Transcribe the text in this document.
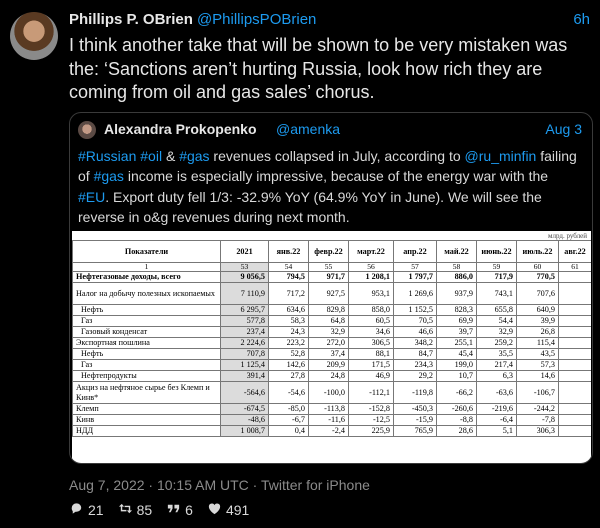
Phillips P. OBrien @PhillipsPOBrien	6h
I think another take that will be shown to be very mistaken was the: ‘Sanctions aren’t hurting Russia, look how rich they are coming from oil and gas sales’ chorus.
Alexandra Prokopenko @amenka	Aug 3
#Russian #oil & #gas revenues collapsed in July, according to @ru_minfin failing of #gas income is especially impressive, because of the energy war with the #EU. Export duty fell 1/3: -32.9% YoY (64.9% YoY in June). We will see the reverse in o&g revenues during next month.
млрд. рублей
Показатели	2021	янв.22	февр.22	март.22	апр.22	май.22	июнь.22	июль.22	авг.22
1	53	54	55	56	57	58	59	60	61
Нефтегазовые доходы, всего	9 056,5	794,5	971,7	1 208,1	1 797,7	886,0	717,9	770,5	
Налог на добычу полезных ископаемых	7 110,9	717,2	927,5	953,1	1 269,6	937,9	743,1	707,6	
Нефть	6 295,7	634,6	829,8	858,0	1 152,5	828,3	655,8	640,9	
Газ	577,8	58,3	64,8	60,5	70,5	69,9	54,4	39,9	
Газовый конденсат	237,4	24,3	32,9	34,6	46,6	39,7	32,9	26,8	
Экспортная пошлина	2 224,6	223,2	272,0	306,5	348,2	255,1	259,2	115,4	
Нефть	707,8	52,8	37,4	88,1	84,7	45,4	35,5	43,5	
Газ	1 125,4	142,6	209,9	171,5	234,3	199,0	217,4	57,3	
Нефтепродукты	391,4	27,8	24,8	46,9	29,2	10,7	6,3	14,6	
Акциз на нефтяное сырье без Клемп и Кинв*	-564,6	-54,6	-100,0	-112,1	-119,8	-66,2	-63,6	-106,7	
Клемп	-674,5	-85,0	-113,8	-152,8	-450,3	-260,6	-219,6	-244,2	
Кинв	-48,6	-6,7	-11,6	-12,5	-15,9	-8,8	-6,4	-7,8	
НДД	1 008,7	0,4	-2,4	225,9	765,9	28,6	5,1	306,3	
Aug 7, 2022 · 10:15 AM UTC · Twitter for iPhone
21 85 6 491
